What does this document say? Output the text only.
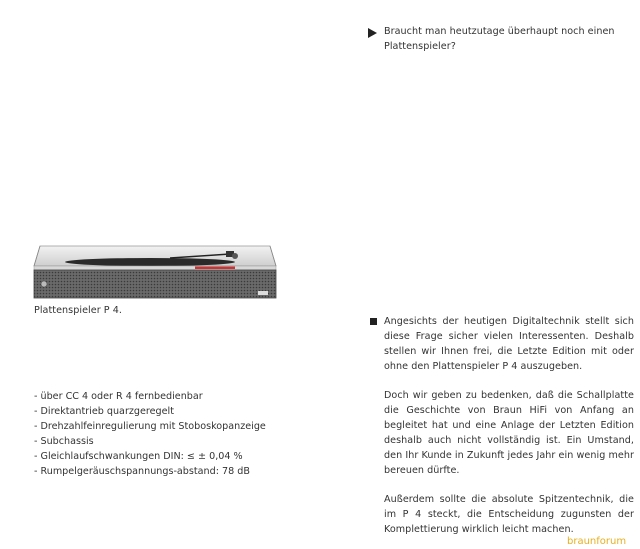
Braucht man heutzutage überhaupt noch einen Plattenspieler?
Plattenspieler P 4.
- über CC 4 oder R 4 fernbedienbar
- Direktantrieb quarzgeregelt
- Drehzahlfeinregulierung mit Stoboskopanzeige
- Subchassis
- Gleichlaufschwankungen DIN: ≤ ± 0,04 %
- Rumpelgeräuschspannungs-abstand: 78 dB
Angesichts der heutigen Digitaltechnik stellt sich diese Frage sicher vielen Interessenten. Deshalb stellen wir Ihnen frei, die Letzte Edition mit oder ohne den Plattenspieler P 4 auszugeben.
Doch wir geben zu bedenken, daß die Schallplatte die Geschichte von Braun HiFi von Anfang an begleitet hat und eine Anlage der Letzten Edition deshalb auch nicht vollständig ist. Ein Umstand, den Ihr Kunde in Zukunft jedes Jahr ein wenig mehr bereuen dürfte.
Außerdem sollte die absolute Spitzentechnik, die im P 4 steckt, die Entscheidung zugunsten der Komplettierung wirklich leicht machen.
braunforum
